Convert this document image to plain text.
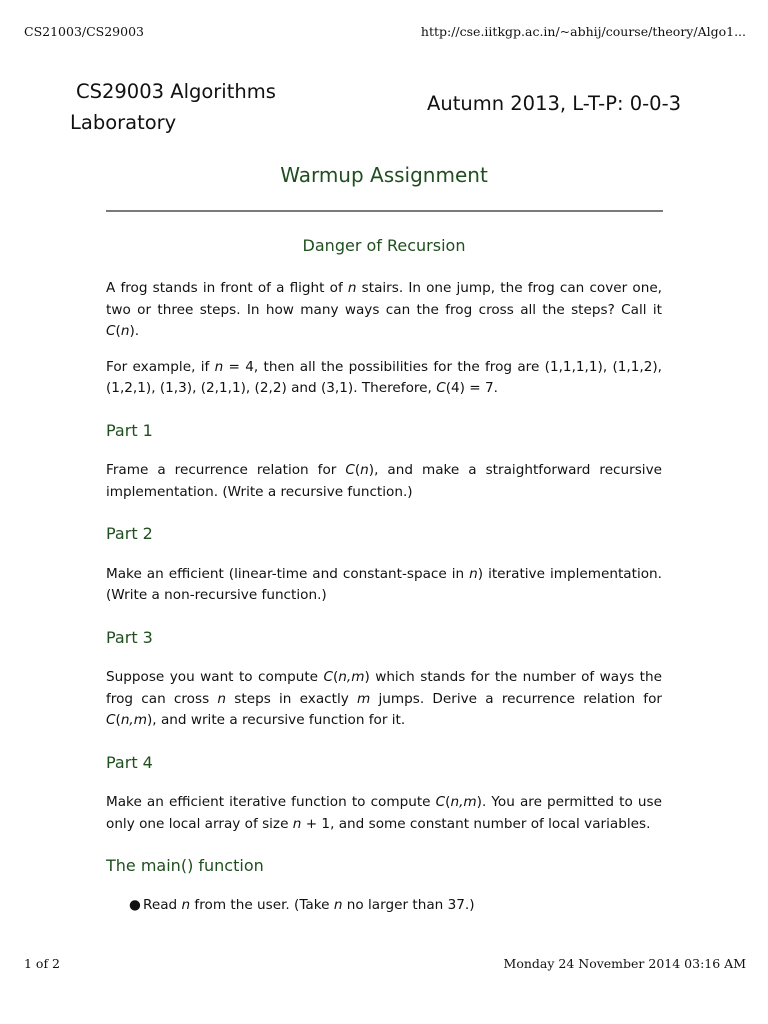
CS21003/CS29003	http://cse.iitkgp.ac.in/~abhij/course/theory/Algo1...
CS29003 Algorithms
Laboratory
Autumn 2013, L-T-P: 0-0-3
Warmup Assignment
Danger of Recursion

A frog stands in front of a flight of n stairs. In one jump, the frog can cover one, two or three steps. In how many ways can the frog cross all the steps? Call it C(n).

For example, if n = 4, then all the possibilities for the frog are (1,1,1,1), (1,1,2), (1,2,1), (1,3), (2,1,1), (2,2) and (3,1). Therefore, C(4) = 7.

Part 1

Frame a recurrence relation for C(n), and make a straightforward recursive implementation. (Write a recursive function.)

Part 2

Make an efficient (linear-time and constant-space in n) iterative implementation. (Write a non-recursive function.)

Part 3

Suppose you want to compute C(n,m) which stands for the number of ways the frog can cross n steps in exactly m jumps. Derive a recurrence relation for C(n,m), and write a recursive function for it.

Part 4

Make an efficient iterative function to compute C(n,m). You are permitted to use only one local array of size n + 1, and some constant number of local variables.

The main() function
● Read n from the user. (Take n no larger than 37.)
1 of 2	Monday 24 November 2014 03:16 AM
